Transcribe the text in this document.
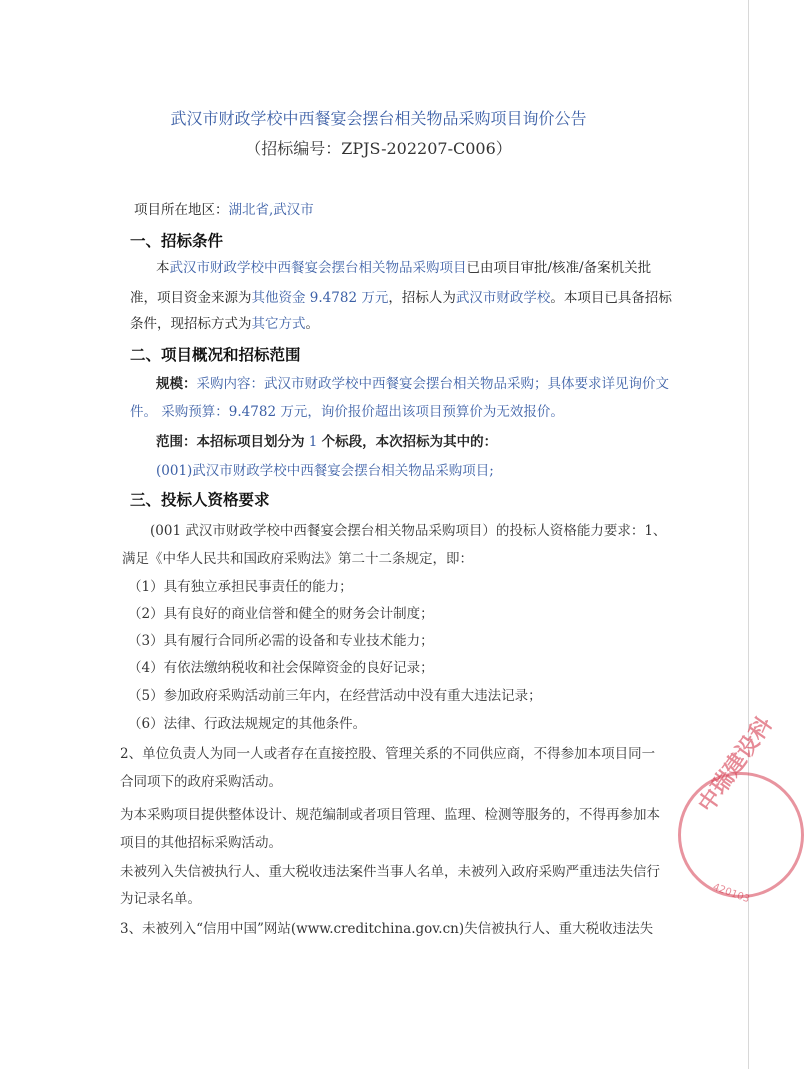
武汉市财政学校中西餐宴会摆台相关物品采购项目询价公告
（招标编号：ZPJS-202207-C006）
项目所在地区：湖北省,武汉市
一、招标条件
本武汉市财政学校中西餐宴会摆台相关物品采购项目已由项目审批/核准/备案机关批
准，项目资金来源为其他资金 9.4782 万元，招标人为武汉市财政学校。本项目已具备招标
条件，现招标方式为其它方式。
二、项目概况和招标范围
规模：采购内容：武汉市财政学校中西餐宴会摆台相关物品采购；具体要求详见询价文
件。 采购预算：9.4782 万元，询价报价超出该项目预算价为无效报价。
范围：本招标项目划分为 1 个标段，本次招标为其中的：
(001)武汉市财政学校中西餐宴会摆台相关物品采购项目;
三、投标人资格要求
(001 武汉市财政学校中西餐宴会摆台相关物品采购项目）的投标人资格能力要求：1、
满足《中华人民共和国政府采购法》第二十二条规定，即：
（1）具有独立承担民事责任的能力；
（2）具有良好的商业信誉和健全的财务会计制度；
（3）具有履行合同所必需的设备和专业技术能力；
（4）有依法缴纳税收和社会保障资金的良好记录；
（5）参加政府采购活动前三年内，在经营活动中没有重大违法记录；
（6）法律、行政法规规定的其他条件。
2、单位负责人为同一人或者存在直接控股、管理关系的不同供应商，不得参加本项目同一
合同项下的政府采购活动。
为本采购项目提供整体设计、规范编制或者项目管理、监理、检测等服务的，不得再参加本
项目的其他招标采购活动。
未被列入失信被执行人、重大税收违法案件当事人名单，未被列入政府采购严重违法失信行
为记录名单。
3、未被列入“信用中国”网站(www.creditchina.gov.cn)失信被执行人、重大税收违法失
中瑞建设科
420103
